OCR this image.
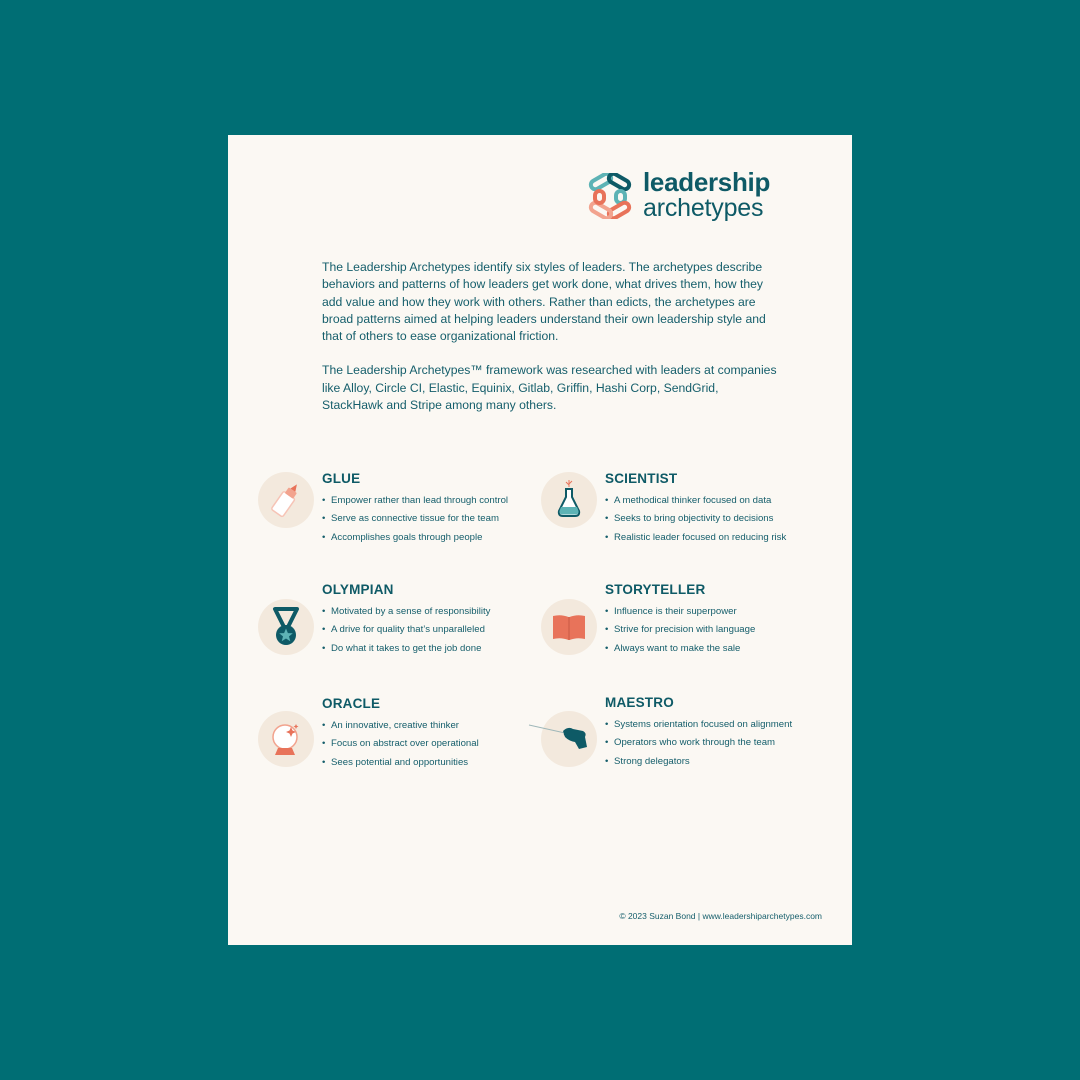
leadership
archetypes

The Leadership Archetypes identify six styles of leaders. The archetypes describe behaviors and patterns of how leaders get work done, what drives them, how they add value and how they work with others. Rather than edicts, the archetypes are broad patterns aimed at helping leaders understand their own leadership style and that of others to ease organizational friction.

The Leadership Archetypes™ framework was researched with leaders at companies like Alloy, Circle CI, Elastic, Equinix, Gitlab, Griffin, Hashi Corp, SendGrid, StackHawk and Stripe among many others.

GLUE
• Empower rather than lead through control
• Serve as connective tissue for the team
• Accomplishes goals through people
SCIENTIST
• A methodical thinker focused on data
• Seeks to bring objectivity to decisions
• Realistic leader focused on reducing risk
OLYMPIAN
• Motivated by a sense of responsibility
• A drive for quality that’s unparalleled
• Do what it takes to get the job done
STORYTELLER
• Influence is their superpower
• Strive for precision with language
• Always want to make the sale
ORACLE
• An innovative, creative thinker
• Focus on abstract over operational
• Sees potential and opportunities
MAESTRO
• Systems orientation focused on alignment
• Operators who work through the team
• Strong delegators
© 2023 Suzan Bond | www.leadershiparchetypes.com
